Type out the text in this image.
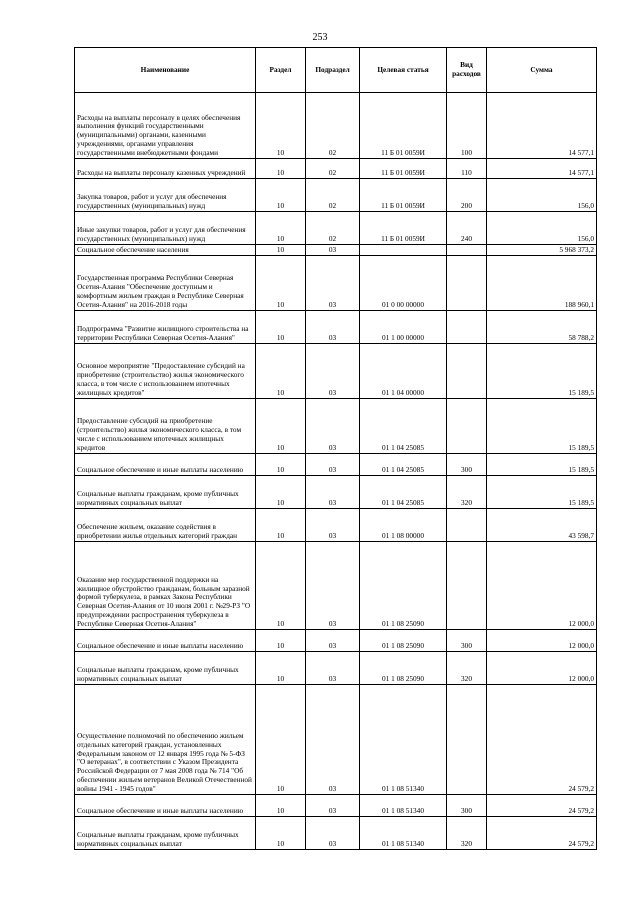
253
Наименование	Раздел	Подраздел	Целевая статья	Вид расходов	Сумма
Расходы на выплаты персоналу в целях обеспечения выполнения функций государственными (муниципальными) органами, казенными учреждениями, органами управления государственными внебюджетными фондами	10	02	11 Б 01 0059И	100	14 577,1
Расходы на выплаты персоналу казенных учреждений	10	02	11 Б 01 0059И	110	14 577,1
Закупка товаров, работ и услуг для обеспечения государственных (муниципальных) нужд	10	02	11 Б 01 0059И	200	156,0
Иные закупки товаров, работ и услуг для обеспечения государственных (муниципальных) нужд	10	02	11 Б 01 0059И	240	156,0
Социальное обеспечение населения	10	03			5 968 373,2
Государственная программа Республики Северная Осетия-Алания "Обеспечение доступным и комфортным жильем граждан в Республике Северная Осетия-Алания" на 2016-2018 годы	10	03	01 0 00 00000		188 960,1
Подпрограмма "Развитие жилищного строительства на территории Республики Северная Осетия-Алания"	10	03	01 1 00 00000		58 788,2
Основное мероприятие "Предоставление субсидий на приобретение (строительство) жилья экономического класса, в том числе с использованием ипотечных жилищных кредитов"	10	03	01 1 04 00000		15 189,5
Предоставление субсидий на приобретение (строительство) жилья экономического класса, в том числе с использованием ипотечных жилищных кредитов	10	03	01 1 04 25085		15 189,5
Социальное обеспечение и иные выплаты населению	10	03	01 1 04 25085	300	15 189,5
Социальные выплаты гражданам, кроме публичных нормативных социальных выплат	10	03	01 1 04 25085	320	15 189,5
Обеспечение жильем, оказание содействия в приобретении жилья отдельных категорий граждан	10	03	01 1 08 00000		43 598,7
Оказание мер государственной поддержки на жилищное обустройство гражданам, больным заразной формой туберкулеза, в рамках Закона Республики Северная Осетия-Алания от 10 июля 2001 г. №29-РЗ "О предупреждении распространения туберкулеза в Республике Северная Осетия-Алания"	10	03	01 1 08 25090		12 000,0
Социальное обеспечение и иные выплаты населению	10	03	01 1 08 25090	300	12 000,0
Социальные выплаты гражданам, кроме публичных нормативных социальных выплат	10	03	01 1 08 25090	320	12 000,0
Осуществление полномочий по обеспечению жильем отдельных категорий граждан, установленных Федеральным законом от 12 января 1995 года № 5-ФЗ "О ветеранах", в соответствии с Указом Президента Российской Федерации от 7 мая 2008 года № 714 "Об обеспечении жильем ветеранов Великой Отечественной войны 1941 - 1945 годов"	10	03	01 1 08 51340		24 579,2
Социальное обеспечение и иные выплаты населению	10	03	01 1 08 51340	300	24 579,2
Социальные выплаты гражданам, кроме публичных нормативных социальных выплат	10	03	01 1 08 51340	320	24 579,2
